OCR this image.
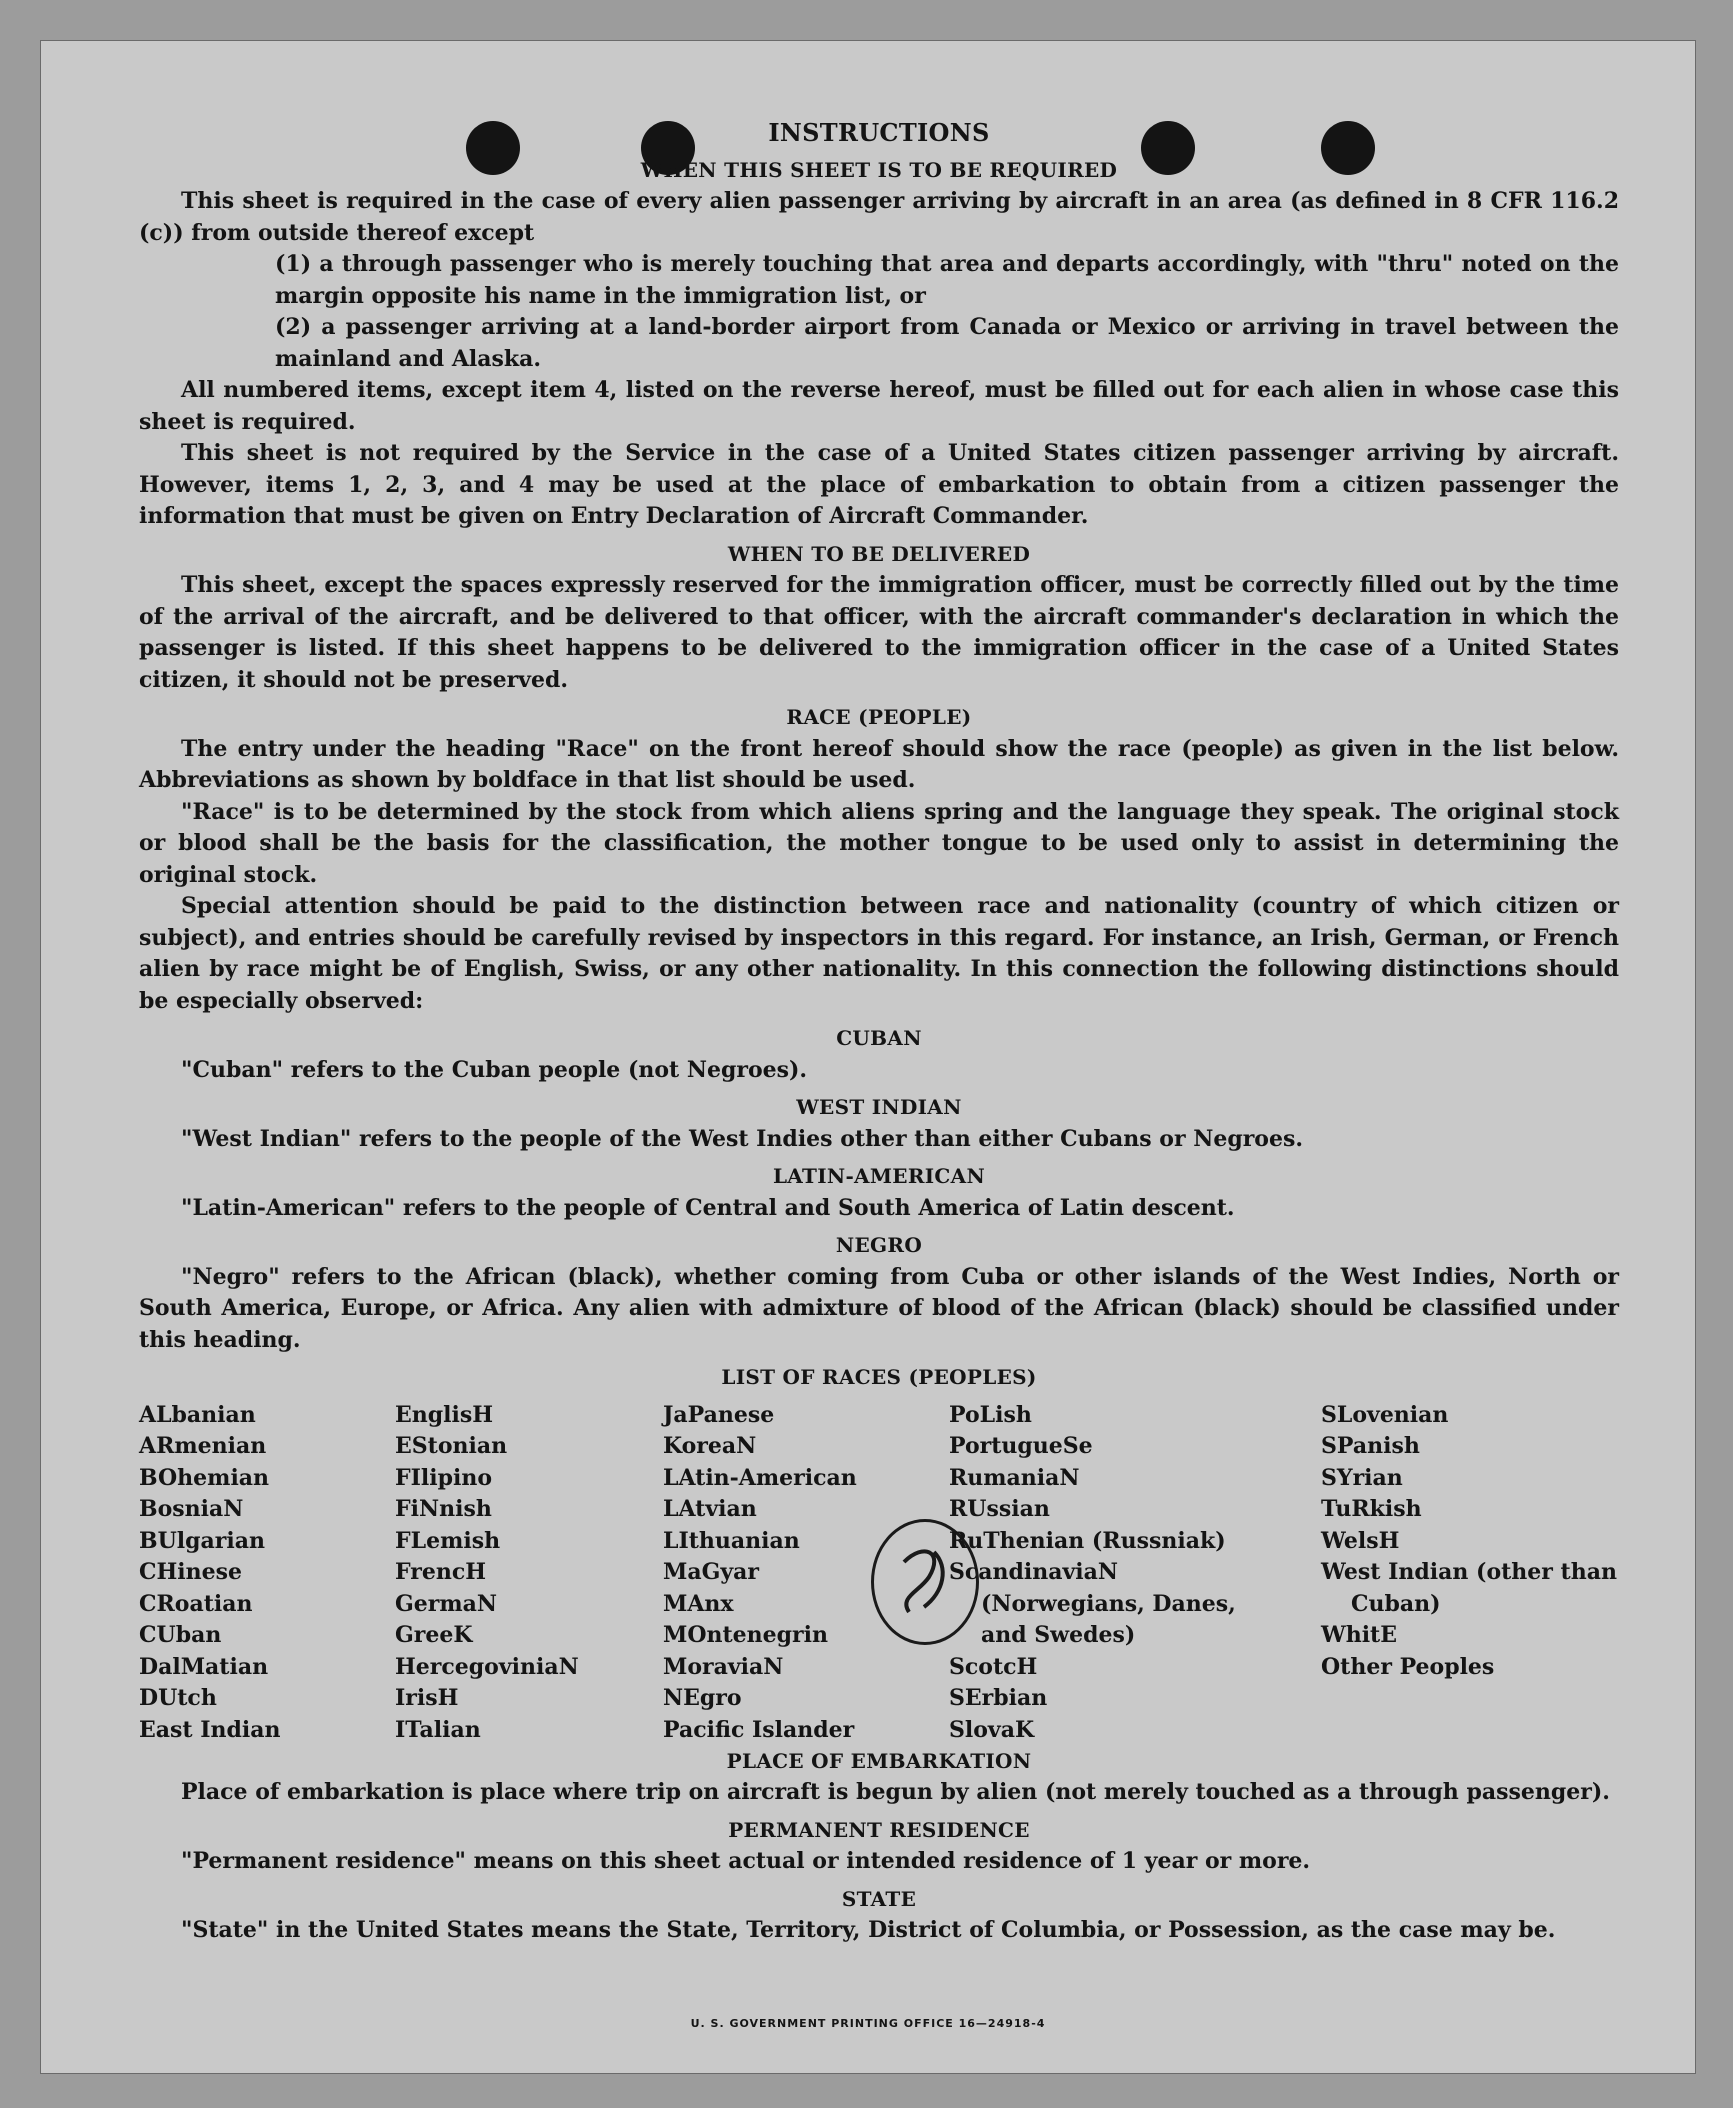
INSTRUCTIONS
WHEN THIS SHEET IS TO BE REQUIRED

This sheet is required in the case of every alien passenger arriving by aircraft in an area (as defined in 8 CFR 116.2 (c)) from outside thereof except

(1) a through passenger who is merely touching that area and departs accordingly, with "thru" noted on the margin opposite his name in the immigration list, or

(2) a passenger arriving at a land-border airport from Canada or Mexico or arriving in travel between the mainland and Alaska.

All numbered items, except item 4, listed on the reverse hereof, must be filled out for each alien in whose case this sheet is required.

This sheet is not required by the Service in the case of a United States citizen passenger arriving by aircraft. However, items 1, 2, 3, and 4 may be used at the place of embarkation to obtain from a citizen passenger the information that must be given on Entry Declaration of Aircraft Commander.

WHEN TO BE DELIVERED

This sheet, except the spaces expressly reserved for the immigration officer, must be correctly filled out by the time of the arrival of the aircraft, and be delivered to that officer, with the aircraft commander's declaration in which the passenger is listed. If this sheet happens to be delivered to the immigration officer in the case of a United States citizen, it should not be preserved.

RACE (PEOPLE)

The entry under the heading "Race" on the front hereof should show the race (people) as given in the list below. Abbreviations as shown by boldface in that list should be used.

"Race" is to be determined by the stock from which aliens spring and the language they speak. The original stock or blood shall be the basis for the classification, the mother tongue to be used only to assist in determining the original stock.

Special attention should be paid to the distinction between race and nationality (country of which citizen or subject), and entries should be carefully revised by inspectors in this regard. For instance, an Irish, German, or French alien by race might be of English, Swiss, or any other nationality. In this connection the following distinctions should be especially observed:

CUBAN

"Cuban" refers to the Cuban people (not Negroes).

WEST INDIAN

"West Indian" refers to the people of the West Indies other than either Cubans or Negroes.

LATIN-AMERICAN

"Latin-American" refers to the people of Central and South America of Latin descent.

NEGRO

"Negro" refers to the African (black), whether coming from Cuba or other islands of the West Indies, North or South America, Europe, or Africa. Any alien with admixture of blood of the African (black) should be classified under this heading.

LIST OF RACES (PEOPLES)
ALbanian
ARmenian
BOhemian
BosniaN
BUlgarian
CHinese
CRoatian
CUban
DalMatian
DUtch
East Indian
EnglisH
EStonian
FIlipino
FiNnish
FLemish
FrencH
GermaN
GreeK
HercegoviniaN
IrisH
ITalian
JaPanese
KoreaN
LAtin-American
LAtvian
LIthuanian
MaGyar
MAnx
MOntenegrin
MoraviaN
NEgro
Pacific Islander
PoLish
PortugueSe
RumaniaN
RUssian
RuThenian (Russniak)
ScandinaviaN (Norwegians, Danes, and Swedes)
ScotcH
SErbian
SlovaK
SLovenian
SPanish
SYrian
TuRkish
WelsH
West Indian (other than Cuban)
WhitE
Other Peoples
PLACE OF EMBARKATION

Place of embarkation is place where trip on aircraft is begun by alien (not merely touched as a through passenger).

PERMANENT RESIDENCE

"Permanent residence" means on this sheet actual or intended residence of 1 year or more.

STATE

"State" in the United States means the State, Territory, District of Columbia, or Possession, as the case may be.

U. S. GOVERNMENT PRINTING OFFICE 16—24918-4
